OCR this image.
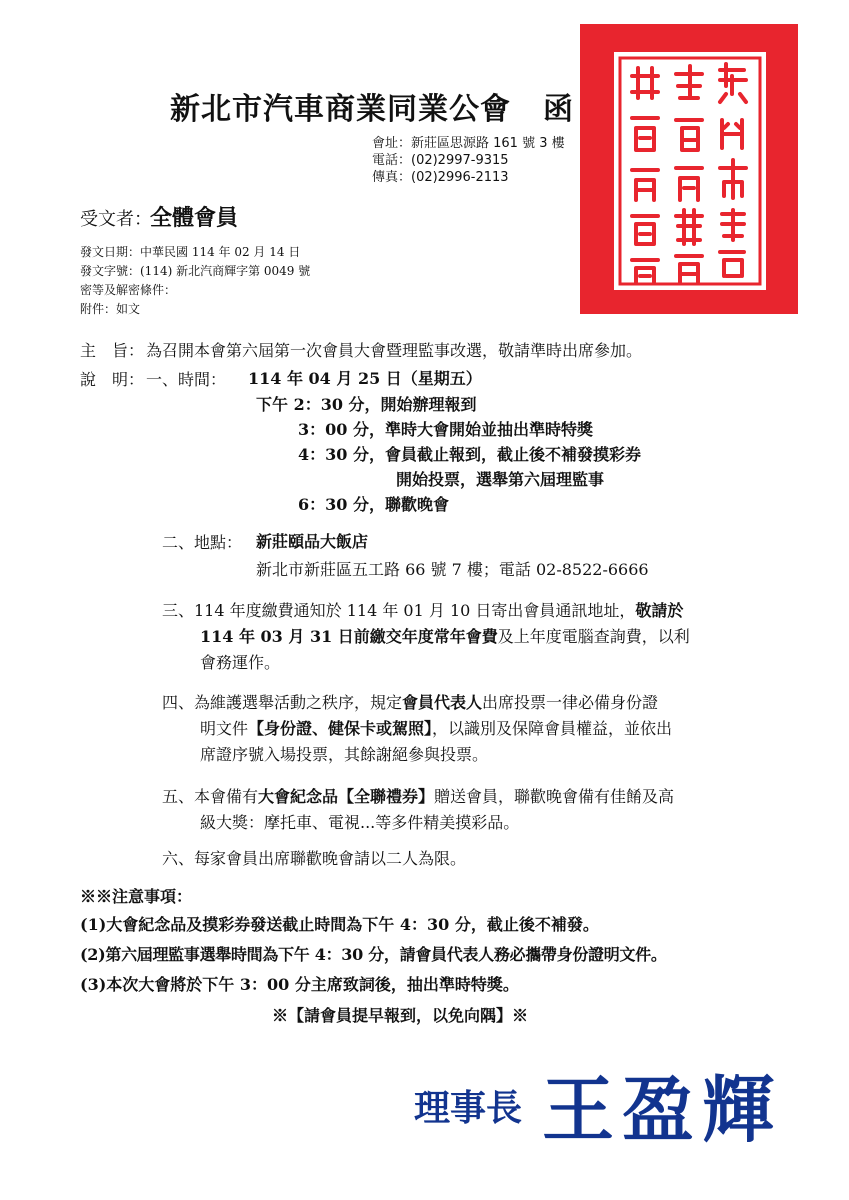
新北市汽車商業同業公會 函
會址：新莊區思源路 161 號 3 樓
電話：(02)2997-9315
傳真：(02)2996-2113
受文者：
全體會員
發文日期：中華民國 114 年 02 月 14 日
發文字號：(114) 新北汽商輝字第 0049 號
密等及解密條件：
附件：如文
主　旨： 為召開本會第六屆第一次會員大會暨理監事改選，敬請準時出席參加。
說　明： 一、時間： 114 年 04 月 25 日（星期五）
下午 2：30 分，開始辦理報到
3：00 分，準時大會開始並抽出準時特獎
4：30 分，會員截止報到，截止後不補發摸彩券
開始投票，選舉第六屆理監事
6：30 分，聯歡晚會
二、地點： 新莊頤品大飯店
新北市新莊區五工路 66 號 7 樓；電話 02-8522-6666
三、114 年度繳費通知於 114 年 01 月 10 日寄出會員通訊地址，敬請於
114 年 03 月 31 日前繳交年度常年會費及上年度電腦查詢費，以利
會務運作。
四、為維護選舉活動之秩序，規定會員代表人出席投票一律必備身份證
明文件【身份證、健保卡或駕照】，以識別及保障會員權益，並依出
席證序號入場投票，其餘謝絕參與投票。
五、本會備有大會紀念品【全聯禮券】贈送會員，聯歡晚會備有佳餚及高
級大獎：摩托車、電視...等多件精美摸彩品。
六、每家會員出席聯歡晚會請以二人為限。
※※注意事項：
(1)大會紀念品及摸彩券發送截止時間為下午 4：30 分，截止後不補發。
(2)第六屆理監事選舉時間為下午 4：30 分，請會員代表人務必攜帶身份證明文件。
(3)本次大會將於下午 3：00 分主席致詞後，抽出準時特獎。
※【請會員提早報到，以免向隅】※
理事長 王盈輝
